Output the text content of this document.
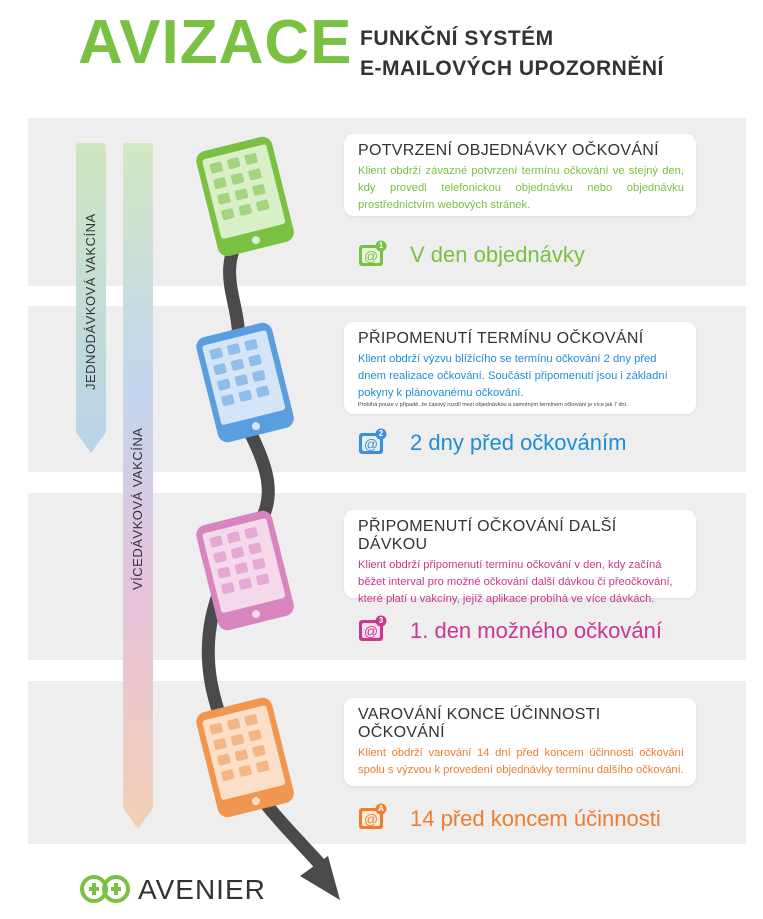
AVIZACE FUNKČNÍ SYSTÉM
E-MAILOVÝCH UPOZORNĚNÍ
JEDNODÁVKOVÁ VAKCÍNA
VÍCEDÁVKOVÁ VAKCÍNA
POTVRZENÍ OBJEDNÁVKY OČKOVÁNÍ
Klient obdrží závazné potvrzení termínu očkování ve stejný den, kdy provedl telefonickou objednávku nebo objednávku prostřednictvím webových stránek.
PŘIPOMENUTÍ TERMÍNU OČKOVÁNÍ
Klient obdrží výzvu blížícího se termínu očkování 2 dny před dnem realizace očkování. Součástí připomenutí jsou i základní pokyny k plánovanému očkování.
Probíhá pouze v případě, že časový rozdíl mezi objednávkou a samotným termínem očkování je více jak 7 dní.
PŘIPOMENUTÍ OČKOVÁNÍ DALŠÍ DÁVKOU
Klient obdrží připomenutí termínu očkování v den, kdy začíná běžet interval pro možné očkování další dávkou či přeočkování, které platí u vakcíny, jejíž aplikace probíhá ve více dávkách.
VAROVÁNÍ KONCE ÚČINNOSTI OČKOVÁNÍ
Klient obdrží varování 14 dní před koncem účinnosti očkování spolu s výzvou k provedení objednávky termínu dalšího očkování.
@
1 V den objednávky
@
2 2 dny před očkováním
@
3 1. den možného očkování
@
A 14 před koncem účinnosti
AVENIER
